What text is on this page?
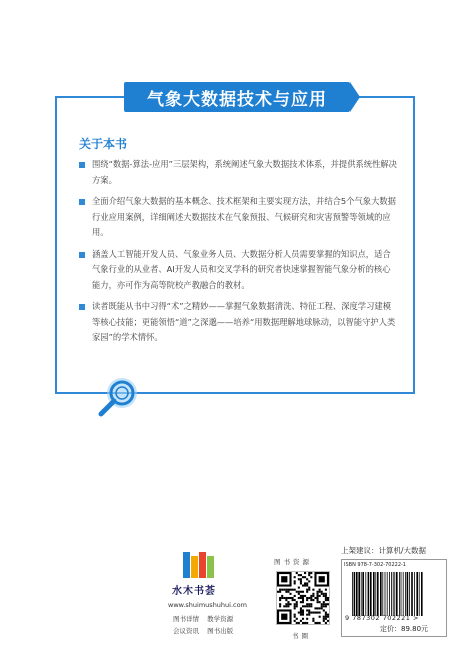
气象大数据技术与应用
关于本书
围绕“数据-算法-应用”三层架构，系统阐述气象大数据技术体系，并提供系统性解决方案。
全面介绍气象大数据的基本概念、技术框架和主要实现方法，并结合5个气象大数据行业应用案例，详细阐述大数据技术在气象预报、气候研究和灾害预警等领域的应用。
涵盖人工智能开发人员、气象业务人员、大数据分析人员需要掌握的知识点，适合气象行业的从业者、AI开发人员和交叉学科的研究者快速掌握智能气象分析的核心能力，亦可作为高等院校产教融合的教材。
读者既能从书中习得“术”之精妙——掌握气象数据清洗、特征工程、深度学习建模等核心技能；更能领悟“道”之深邈——培养“用数据理解地球脉动，以智能守护人类家园”的学术情怀。
水木书荟
www.shuimushuhui.com
图书详情 教学资源
会议资讯 图书出版
图书资源
书圈
上架建议：计算机/大数据
ISBN 978-7-302-70222-1
9 787302 702221 >
定价：89.80元
